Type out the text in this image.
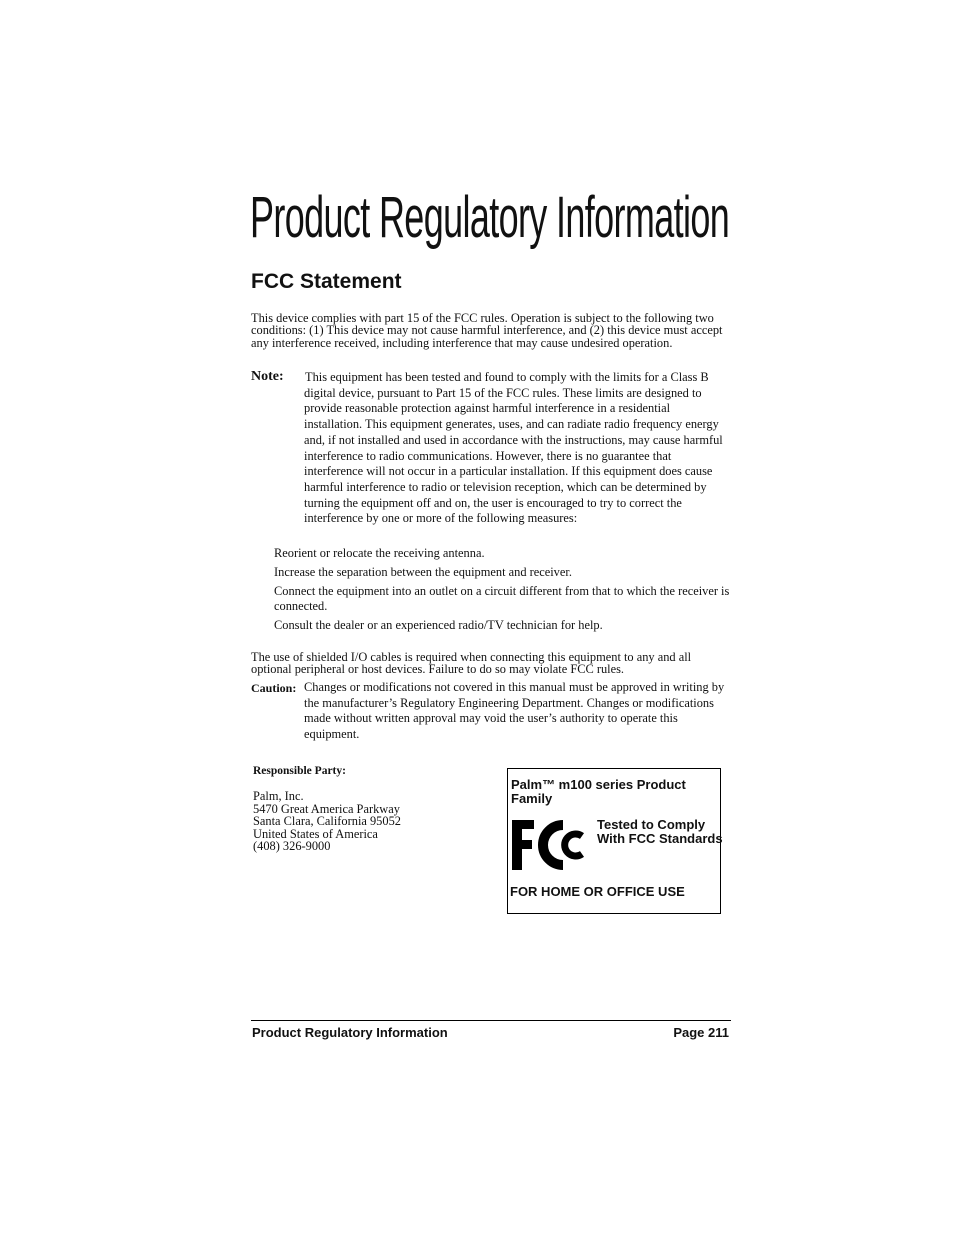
Product Regulatory Information
FCC Statement

This device complies with part 15 of the FCC rules. Operation is subject to the following two conditions: (1) This device may not cause harmful interference, and (2) this device must accept any interference received, including interference that may cause undesired operation.

Note: This equipment has been tested and found to comply with the limits for a Class B digital device, pursuant to Part 15 of the FCC rules. These limits are designed to provide reasonable protection against harmful interference in a residential installation. This equipment generates, uses, and can radiate radio frequency energy and, if not installed and used in accordance with the instructions, may cause harmful interference to radio communications. However, there is no guarantee that interference will not occur in a particular installation. If this equipment does cause harmful interference to radio or television reception, which can be determined by turning the equipment off and on, the user is encouraged to try to correct the interference by one or more of the following measures:

Reorient or relocate the receiving antenna.
Increase the separation between the equipment and receiver.
Connect the equipment into an outlet on a circuit different from that to which the receiver is connected.
Consult the dealer or an experienced radio/TV technician for help.

The use of shielded I/O cables is required when connecting this equipment to any and all optional peripheral or host devices. Failure to do so may violate FCC rules.

Caution: Changes or modifications not covered in this manual must be approved in writing by the manufacturer’s Regulatory Engineering Department. Changes or modifications made without written approval may void the user’s authority to operate this equipment.

Responsible Party:
Palm, Inc.
5470 Great America Parkway
Santa Clara, California 95052
United States of America
(408) 326-9000
Palm™ m100 series Product Family
Tested to Comply With FCC Standards
FOR HOME OR OFFICE USE
Product Regulatory Information	Page 211
